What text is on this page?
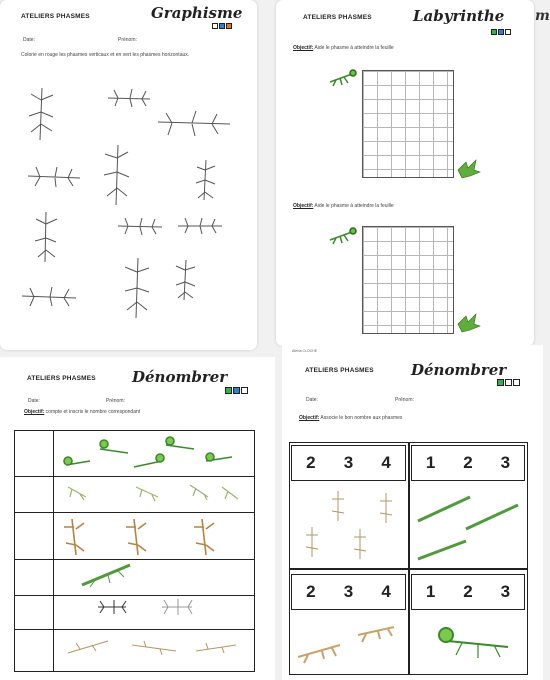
ATELIERS PHASMES	Graphisme
Date:	Prénom:
Colorie en rouge les phasmes verticaux et en vert les phasmes horizontaux.
ATELIERS PHASMES	Labyrinthe
Objectif: Aide le phasme à atteindre la feuille
Objectif: Aide le phasme à atteindre la feuille
m
ATELIERS PHASMES Dénombrer
Date:	Prénom:
Objectif: compte et inscris le nombre correspondant
Alexia CLOCHE
ATELIERS PHASMES Dénombrer
Date:	Prénom:
Objectif: Associe le bon nombre aux phasmes
2 3 4 1 2 3
2 3 4 1 2 3
